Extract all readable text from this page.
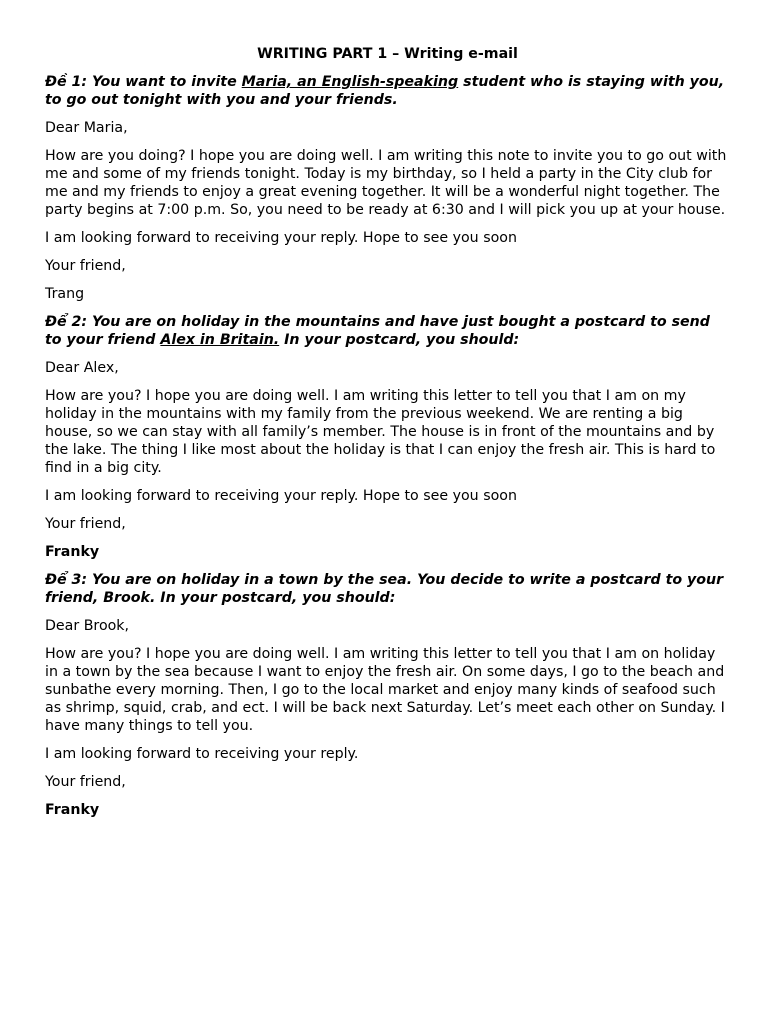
WRITING PART 1 – Writing e-mail
Đề 1: You want to invite Maria, an English-speaking student who is staying with you, to go out tonight with you and your friends.

Dear Maria,

How are you doing? I hope you are doing well. I am writing this note to invite you to go out with me and some of my friends tonight. Today is my birthday, so I held a party in the City club for me and my friends to enjoy a great evening together. It will be a wonderful night together. The party begins at 7:00 p.m. So, you need to be ready at 6:30 and I will pick you up at your house.

I am looking forward to receiving your reply. Hope to see you soon

Your friend,

Trang

Để 2: You are on holiday in the mountains and have just bought a postcard to send to your friend Alex in Britain. In your postcard, you should:

Dear Alex,

How are you? I hope you are doing well. I am writing this letter to tell you that I am on my holiday in the mountains with my family from the previous weekend. We are renting a big house, so we can stay with all family’s member. The house is in front of the mountains and by the lake. The thing I like most about the holiday is that I can enjoy the fresh air. This is hard to find in a big city.

I am looking forward to receiving your reply. Hope to see you soon

Your friend,

Franky

Để 3: You are on holiday in a town by the sea. You decide to write a postcard to your friend, Brook. In your postcard, you should:

Dear Brook,

How are you? I hope you are doing well. I am writing this letter to tell you that I am on holiday in a town by the sea because I want to enjoy the fresh air. On some days, I go to the beach and sunbathe every morning. Then, I go to the local market and enjoy many kinds of seafood such as shrimp, squid, crab, and ect. I will be back next Saturday. Let’s meet each other on Sunday. I have many things to tell you.

I am looking forward to receiving your reply.

Your friend,

Franky
